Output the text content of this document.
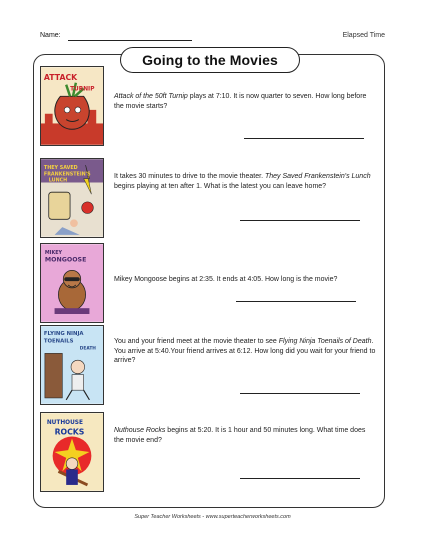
Name:	Elapsed Time
Going to the Movies
ATTACK
TURNIP
Attack of the 50ft Turnip plays at 7:10. It is now quarter to seven. How long before the movie starts?
THEY SAVED
FRANKENSTEIN'S
LUNCH
It takes 30 minutes to drive to the movie theater. They Saved Frankenstein's Lunch begins playing at ten after 1. What is the latest you can leave home?
MIKEY
MONGOOSE
Mikey Mongoose begins at 2:35. It ends at 4:05. How long is the movie?
FLYING NINJA
TOENAILS
DEATH
You and your friend meet at the movie theater to see Flying Ninja Toenails of Death. You arrive at 5:40.Your friend arrives at 6:12. How long did you wait for your friend to arrive?
NUTHOUSE
ROCKS	Nuthouse Rocks begins at 5:20. It is 1 hour and 50 minutes long. What time does the movie end?
Super Teacher Worksheets - www.superteacherworksheets.com
